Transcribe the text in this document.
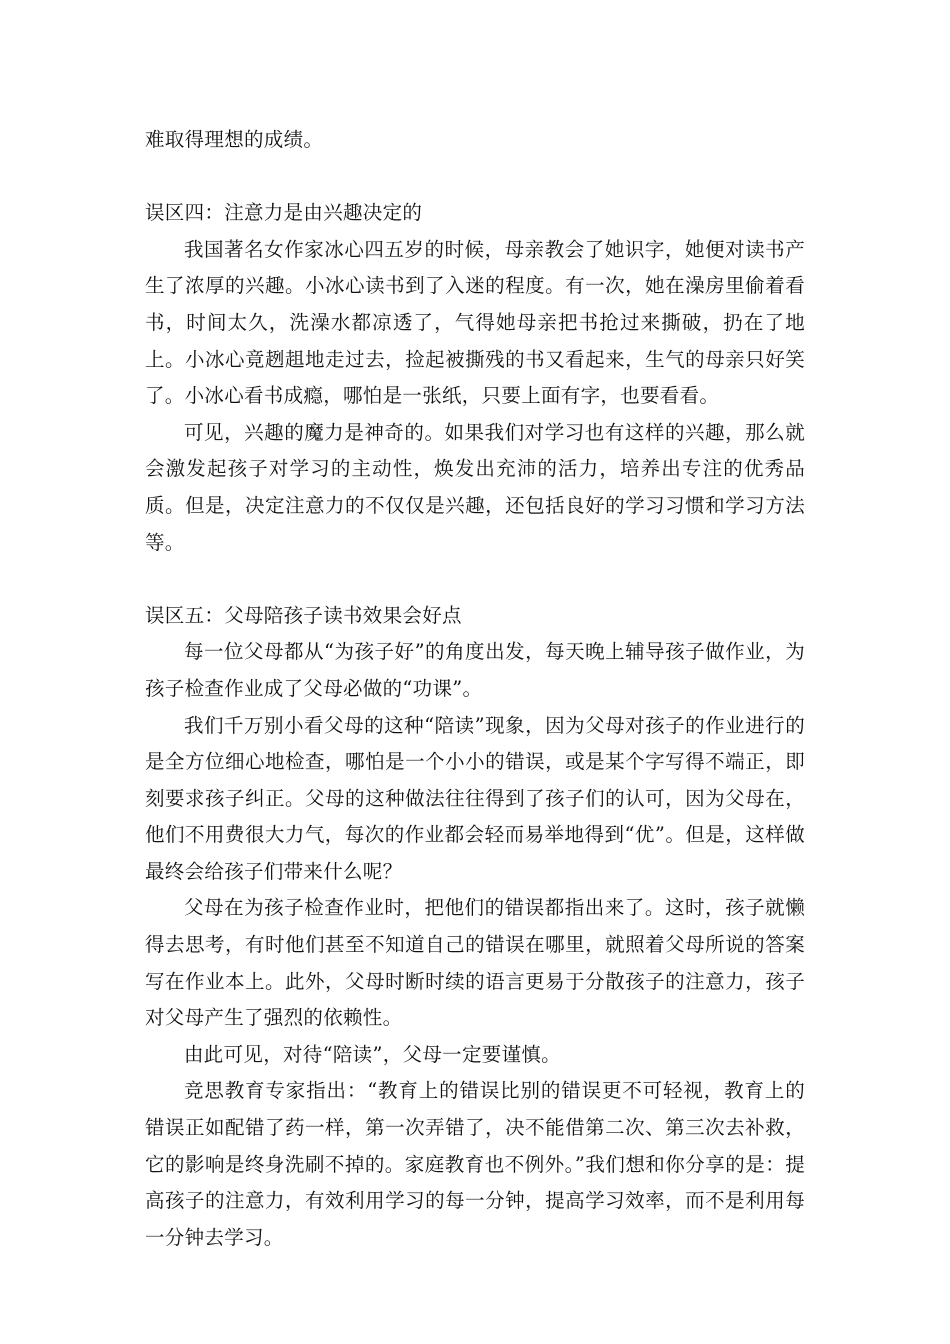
难取得理想的成绩。

误区四：注意力是由兴趣决定的

我国著名女作家冰心四五岁的时候，母亲教会了她识字，她便对读书产生了浓厚的兴趣。小冰心读书到了入迷的程度。有一次，她在澡房里偷着看书，时间太久，洗澡水都凉透了，气得她母亲把书抢过来撕破，扔在了地上。小冰心竟趔趄地走过去，捡起被撕残的书又看起来，生气的母亲只好笑了。小冰心看书成瘾，哪怕是一张纸，只要上面有字，也要看看。

可见，兴趣的魔力是神奇的。如果我们对学习也有这样的兴趣，那么就会激发起孩子对学习的主动性，焕发出充沛的活力，培养出专注的优秀品质。但是，决定注意力的不仅仅是兴趣，还包括良好的学习习惯和学习方法等。

误区五：父母陪孩子读书效果会好点

每一位父母都从“为孩子好”的角度出发，每天晚上辅导孩子做作业，为孩子检查作业成了父母必做的“功课”。

我们千万别小看父母的这种“陪读”现象，因为父母对孩子的作业进行的是全方位细心地检查，哪怕是一个小小的错误，或是某个字写得不端正，即刻要求孩子纠正。父母的这种做法往往得到了孩子们的认可，因为父母在，他们不用费很大力气，每次的作业都会轻而易举地得到“优”。但是，这样做最终会给孩子们带来什么呢？

父母在为孩子检查作业时，把他们的错误都指出来了。这时，孩子就懒得去思考，有时他们甚至不知道自己的错误在哪里，就照着父母所说的答案写在作业本上。此外，父母时断时续的语言更易于分散孩子的注意力，孩子对父母产生了强烈的依赖性。

由此可见，对待“陪读”，父母一定要谨慎。

竞思教育专家指出：“教育上的错误比别的错误更不可轻视，教育上的错误正如配错了药一样，第一次弄错了，决不能借第二次、第三次去补救，它的影响是终身洗刷不掉的。家庭教育也不例外。”我们想和你分享的是：提高孩子的注意力，有效利用学习的每一分钟，提高学习效率，而不是利用每一分钟去学习。
